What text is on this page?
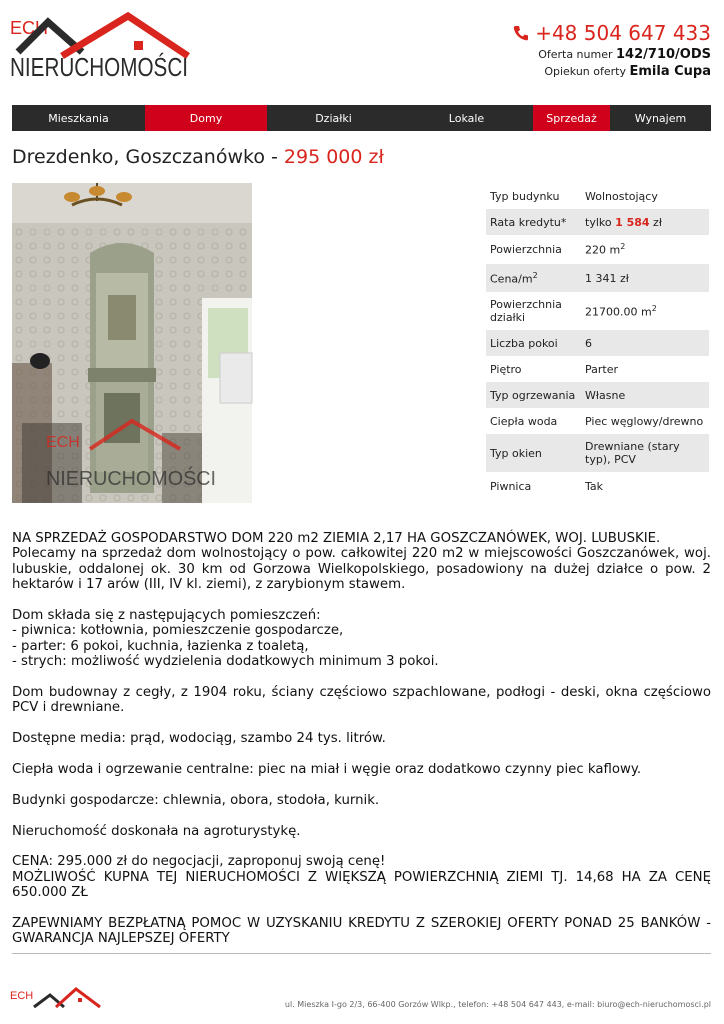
ECH
NIERUCHOMOŚCI
+48 504 647 433
Oferta numer 142/710/ODS
Opiekun oferty Emila Cupa
Mieszkania	Domy	Działki	Lokale	Sprzedaż	Wynajem
Drezdenko, Goszczanówko - 295 000 zł
ECH
NIERUCHOMOŚCI
Typ budynku	Wolnostojący
Rata kredytu*	tylko 1 584 zł
Powierzchnia	220 $m^2$
Cena/$m^2$	1 341 zł
Powierzchnia działki	21700.00 $m^2$
Liczba pokoi	6
Piętro	Parter
Typ ogrzewania	Własne
Ciepła woda	Piec węglowy/drewno
Typ okien	Drewniane (stary typ), PCV
Piwnica	Tak

NA SPRZEDAŻ GOSPODARSTWO DOM 220 m2 ZIEMIA 2,17 HA GOSZCZANÓWEK, WOJ. LUBUSKIE.
Polecamy na sprzedaż dom wolnostojący o pow. całkowitej 220 m2 w miejscowości Goszczanówek, woj. lubuskie, oddalonej ok. 30 km od Gorzowa Wielkopolskiego, posadowiony na dużej działce o pow. 2 hektarów i 17 arów (III, IV kl. ziemi), z zarybionym stawem.

Dom składa się z następujących pomieszczeń:
- piwnica: kotłownia, pomieszczenie gospodarcze,
- parter: 6 pokoi, kuchnia, łazienka z toaletą,
- strych: możliwość wydzielenia dodatkowych minimum 3 pokoi.

Dom budownay z cegły, z 1904 roku, ściany częściowo szpachlowane, podłogi - deski, okna częściowo PCV i drewniane.

Dostępne media: prąd, wodociąg, szambo 24 tys. litrów.

Ciepła woda i ogrzewanie centralne: piec na miał i węgie oraz dodatkowo czynny piec kaflowy.

Budynki gospodarcze: chlewnia, obora, stodoła, kurnik.

Nieruchomość doskonała na agroturystykę.

CENA: 295.000 zł do negocjacji, zaproponuj swoją cenę!
MOŻLIWOŚĆ KUPNA TEJ NIERUCHOMOŚCI Z WIĘKSZĄ POWIERZCHNIĄ ZIEMI TJ. 14,68 HA ZA CENĘ 650.000 ZŁ

ZAPEWNIAMY BEZPŁATNĄ POMOC W UZYSKANIU KREDYTU Z SZEROKIEJ OFERTY PONAD 25 BANKÓW - GWARANCJA NAJLEPSZEJ OFERTY

ECH
ul. Mieszka I-go 2/3, 66-400 Gorzów Wlkp., telefon: +48 504 647 443, e-mail: biuro@ech-nieruchomosci.pl
